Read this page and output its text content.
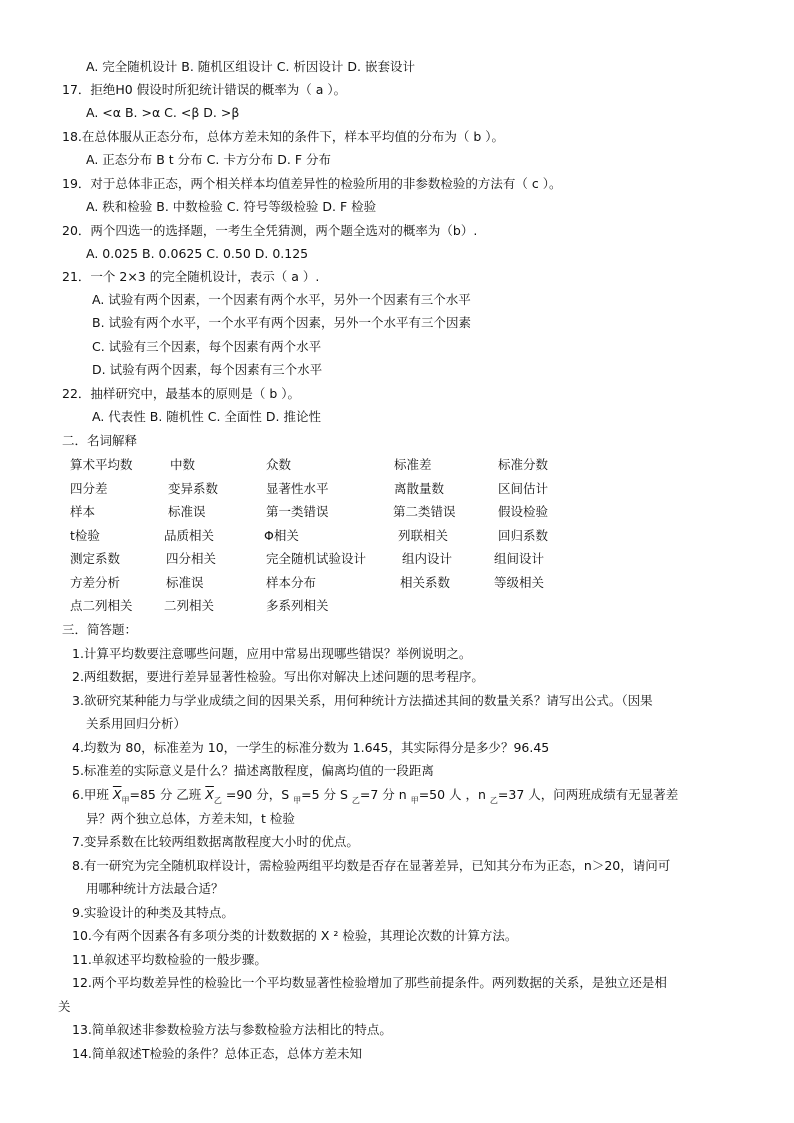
A. 完全随机设计 B. 随机区组设计 C. 析因设计 D. 嵌套设计
17．拒绝H0 假设时所犯统计错误的概率为（ a ）。
A. <α B. >α C. <β D. >β
18.在总体服从正态分布，总体方差未知的条件下，样本平均值的分布为（ b ）。
A. 正态分布 B t 分布 C. 卡方分布 D. F 分布
19．对于总体非正态，两个相关样本均值差异性的检验所用的非参数检验的方法有（ c ）。
A. 秩和检验 B. 中数检验 C. 符号等级检验 D. F 检验
20．两个四选一的选择题，一考生全凭猜测，两个题全选对的概率为（b）.
A. 0.025 B. 0.0625 C. 0.50 D. 0.125
21．一个 2×3 的完全随机设计，表示（ a ）.
A. 试验有两个因素，一个因素有两个水平，另外一个因素有三个水平
B. 试验有两个水平，一个水平有两个因素，另外一个水平有三个因素
C. 试验有三个因素，每个因素有两个水平
D. 试验有两个因素，每个因素有三个水平
22．抽样研究中，最基本的原则是（ b ）。
A. 代表性 B. 随机性 C. 全面性 D. 推论性
二．名词解释
算术平均数	中数	众数	标准差	标准分数
四分差	变异系数	显著性水平	离散量数	区间估计
样本	标准误	第一类错误	第二类错误	假设检验
t检验	品质相关	Φ相关	列联相关	回归系数
测定系数	四分相关	完全随机试验设计	组内设计	组间设计
方差分析	标准误	样本分布	相关系数	等级相关
点二列相关	二列相关	多系列相关
三．简答题：
1.计算平均数要注意哪些问题，应用中常易出现哪些错误？举例说明之。
2.两组数据，要进行差异显著性检验。写出你对解决上述问题的思考程序。
3.欲研究某种能力与学业成绩之间的因果关系，用何种统计方法描述其间的数量关系？请写出公式。（因果
关系用回归分析）
4.均数为 80，标准差为 10，一学生的标准分数为 1.645，其实际得分是多少？96.45
5.标准差的实际意义是什么？描述离散程度，偏离均值的一段距离
6.甲班 $\overline{X}_甲=85$ 分 乙班 $\overline{X}_乙 =90$ 分，S $_甲$=5 分 S $_乙$=7 分 n $_甲$=50 人 ，n $_乙$=37 人，问两班成绩有无显著差
异？两个独立总体，方差未知，t 检验
7.变异系数在比较两组数据离散程度大小时的优点。
8.有一研究为完全随机取样设计，需检验两组平均数是否存在显著差异，已知其分布为正态，n＞20，请问可
用哪种统计方法最合适？
9.实验设计的种类及其特点。
10.今有两个因素各有多项分类的计数数据的 X ² 检验，其理论次数的计算方法。
11.单叙述平均数检验的一般步骤。
12.两个平均数差异性的检验比一个平均数显著性检验增加了那些前提条件。两列数据的关系，是独立还是相
关
13.简单叙述非参数检验方法与参数检验方法相比的特点。
14.简单叙述T检验的条件？总体正态，总体方差未知
